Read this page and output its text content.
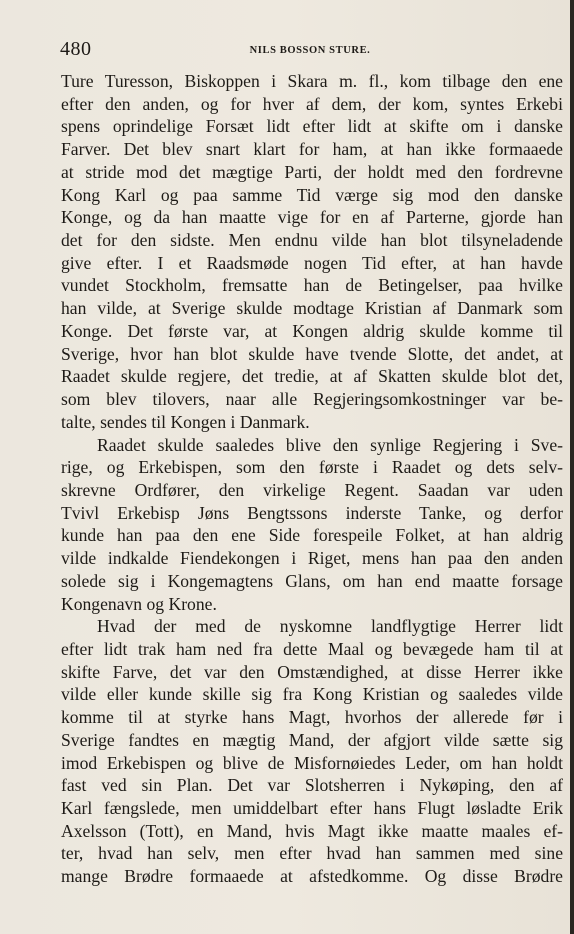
480	NILS BOSSON STURE.
Ture Turesson, Biskoppen i Skara m. fl., kom tilbage den ene
efter den anden, og for hver af dem, der kom, syntes Erkebi
spens oprindelige Forsæt lidt efter lidt at skifte om i danske
Farver. Det blev snart klart for ham, at han ikke formaaede
at stride mod det mægtige Parti, der holdt med den fordrevne
Kong Karl og paa samme Tid værge sig mod den danske
Konge, og da han maatte vige for en af Parterne, gjorde han
det for den sidste. Men endnu vilde han blot tilsyneladende
give efter. I et Raadsmøde nogen Tid efter, at han havde
vundet Stockholm, fremsatte han de Betingelser, paa hvilke
han vilde, at Sverige skulde modtage Kristian af Danmark som
Konge. Det første var, at Kongen aldrig skulde komme til
Sverige, hvor han blot skulde have tvende Slotte, det andet, at
Raadet skulde regjere, det tredie, at af Skatten skulde blot det,
som blev tilovers, naar alle Regjeringsomkostninger var be-
talte, sendes til Kongen i Danmark.
Raadet skulde saaledes blive den synlige Regjering i Sve-
rige, og Erkebispen, som den første i Raadet og dets selv-
skrevne Ordfører, den virkelige Regent. Saadan var uden
Tvivl Erkebisp Jøns Bengtssons inderste Tanke, og derfor
kunde han paa den ene Side forespeile Folket, at han aldrig
vilde indkalde Fiendekongen i Riget, mens han paa den anden
solede sig i Kongemagtens Glans, om han end maatte forsage
Kongenavn og Krone.
Hvad der med de nyskomne landflygtige Herrer lidt
efter lidt trak ham ned fra dette Maal og bevægede ham til at
skifte Farve, det var den Omstændighed, at disse Herrer ikke
vilde eller kunde skille sig fra Kong Kristian og saaledes vilde
komme til at styrke hans Magt, hvorhos der allerede før i
Sverige fandtes en mægtig Mand, der afgjort vilde sætte sig
imod Erkebispen og blive de Misfornøiedes Leder, om han holdt
fast ved sin Plan. Det var Slotsherren i Nykøping, den af
Karl fængslede, men umiddelbart efter hans Flugt løsladte Erik
Axelsson (Tott), en Mand, hvis Magt ikke maatte maales ef-
ter, hvad han selv, men efter hvad han sammen med sine
mange Brødre formaaede at afstedkomme. Og disse Brødre
